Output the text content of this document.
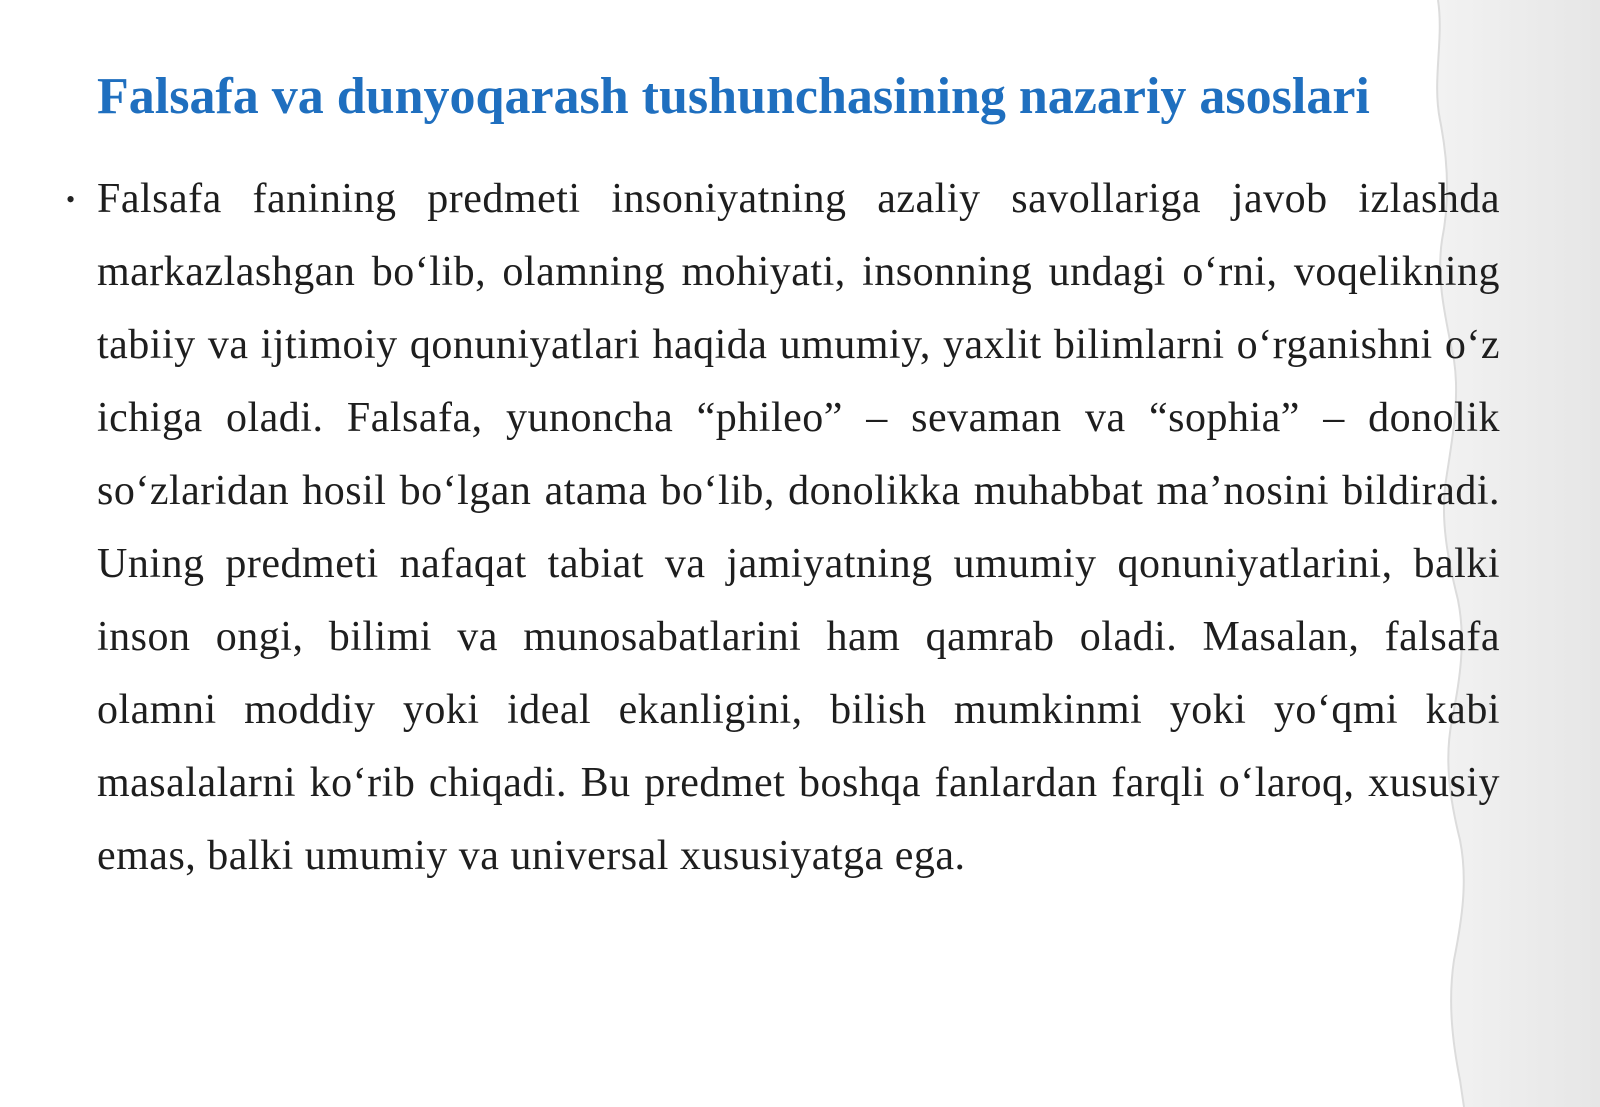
Falsafa va dunyoqarash tushunchasining nazariy asoslari
• Falsafa fanining predmeti insoniyatning azaliy savollariga javob izlashda markazlashgan bo‘lib, olamning mohiyati, insonning undagi o‘rni, voqelikning tabiiy va ijtimoiy qonuniyatlari haqida umumiy, yaxlit bilimlarni o‘rganishni o‘z ichiga oladi. Falsafa, yunoncha “phileo” – sevaman va “sophia” – donolik so‘zlaridan hosil bo‘lgan atama bo‘lib, donolikka muhabbat ma’nosini bildiradi. Uning predmeti nafaqat tabiat va jamiyatning umumiy qonuniyatlarini, balki inson ongi, bilimi va munosabatlarini ham qamrab oladi. Masalan, falsafa olamni moddiy yoki ideal ekanligini, bilish mumkinmi yoki yo‘qmi kabi masalalarni ko‘rib chiqadi. Bu predmet boshqa fanlardan farqli o‘laroq, xususiy emas, balki umumiy va universal xususiyatga ega.
